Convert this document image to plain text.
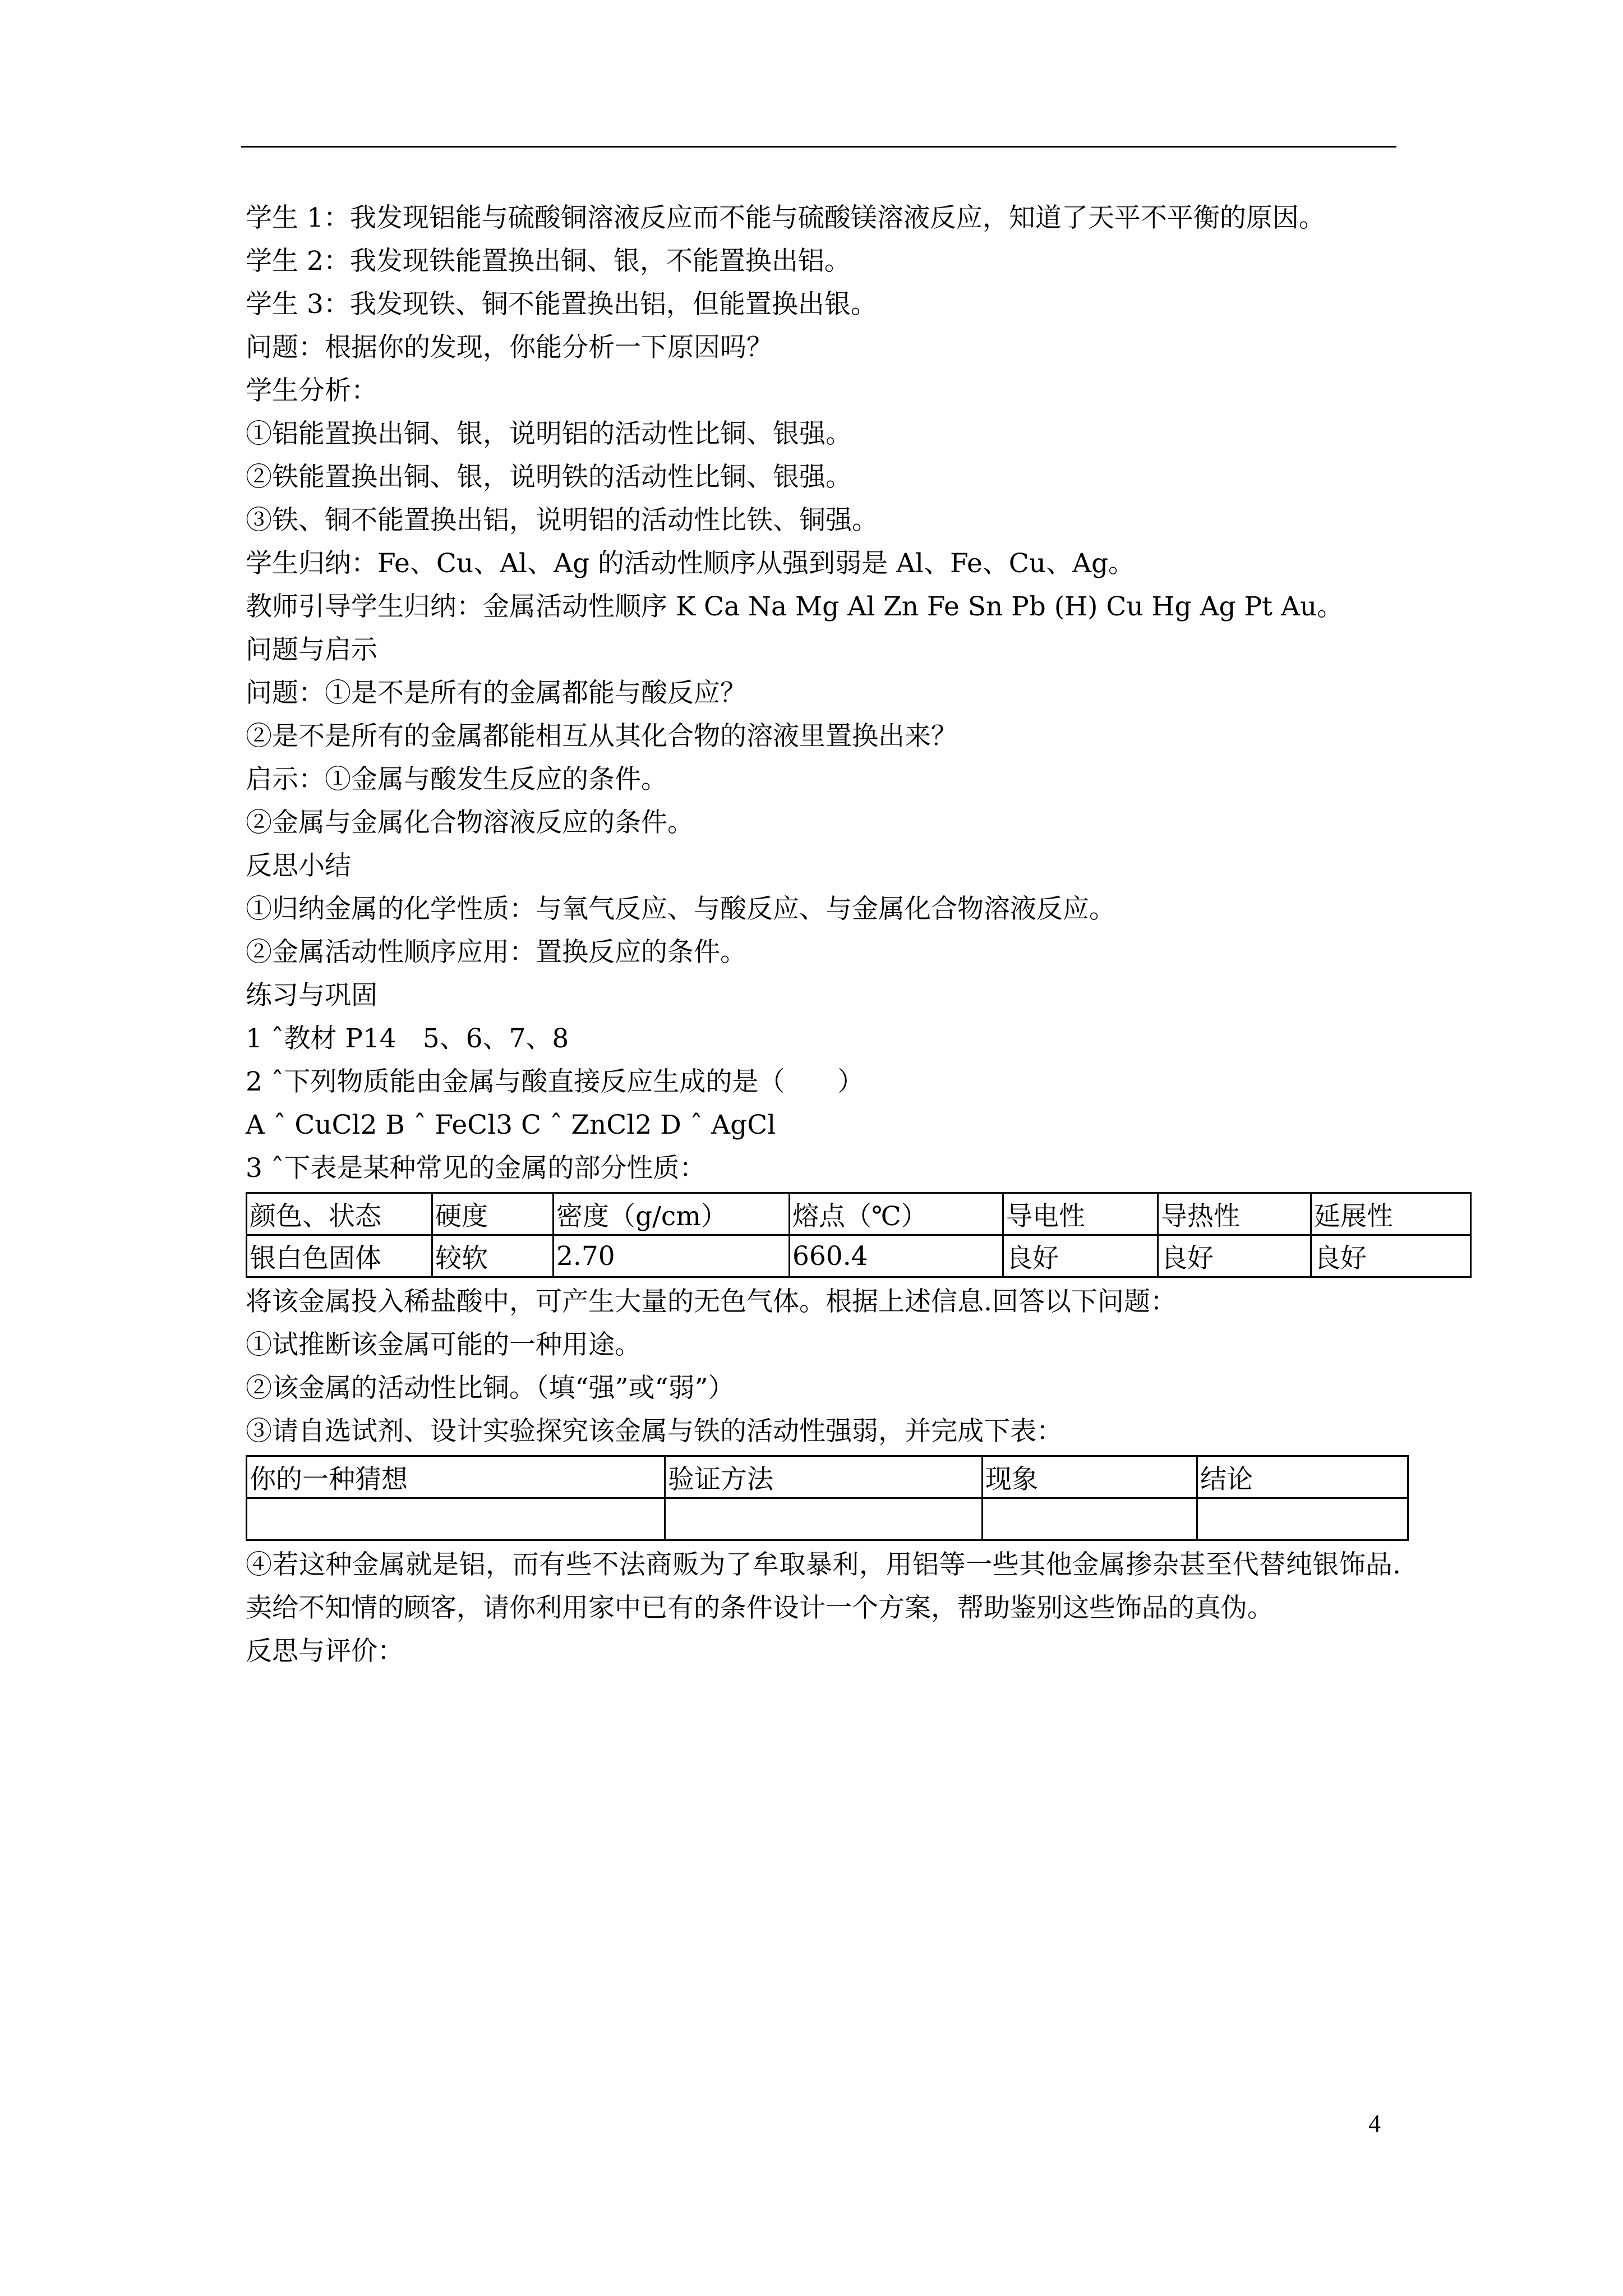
学生 1：我发现铝能与硫酸铜溶液反应而不能与硫酸镁溶液反应，知道了天平不平衡的原因。
学生 2：我发现铁能置换出铜、银，不能置换出铝。
学生 3：我发现铁、铜不能置换出铝，但能置换出银。
问题：根据你的发现，你能分析一下原因吗？
学生分析：
①铝能置换出铜、银，说明铝的活动性比铜、银强。
②铁能置换出铜、银，说明铁的活动性比铜、银强。
③铁、铜不能置换出铝，说明铝的活动性比铁、铜强。
学生归纳：Fe、Cu、Al、Ag 的活动性顺序从强到弱是 Al、Fe、Cu、Ag。
教师引导学生归纳：金属活动性顺序 K Ca Na Mg Al Zn Fe Sn Pb (H) Cu Hg Ag Pt Au。
问题与启示
问题：①是不是所有的金属都能与酸反应？
②是不是所有的金属都能相互从其化合物的溶液里置换出来？
启示：①金属与酸发生反应的条件。
②金属与金属化合物溶液反应的条件。
反思小结
①归纳金属的化学性质：与氧气反应、与酸反应、与金属化合物溶液反应。
②金属活动性顺序应用：置换反应的条件。
练习与巩固
1 ˆ教材 P14　5、6、7、8
2 ˆ下列物质能由金属与酸直接反应生成的是（　　）
A ˆ CuCl2 B ˆ FeCl3 C ˆ ZnCl2 D ˆ AgCl
3 ˆ下表是某种常见的金属的部分性质：
颜色、状态	硬度	密度（g/cm）	熔点（℃）	导电性	导热性	延展性
银白色固体	较软	2.70	660.4	良好	良好	良好
将该金属投入稀盐酸中，可产生大量的无色气体。根据上述信息.回答以下问题：
①试推断该金属可能的一种用途。
②该金属的活动性比铜。（填“强”或“弱”）
③请自选试剂、设计实验探究该金属与铁的活动性强弱，并完成下表：
你的一种猜想	验证方法	现象	结论

④若这种金属就是铝，而有些不法商贩为了牟取暴利，用铝等一些其他金属掺杂甚至代替纯银饰品.卖给不知情的顾客，请你利用家中已有的条件设计一个方案，帮助鉴别这些饰品的真伪。
反思与评价：
4
